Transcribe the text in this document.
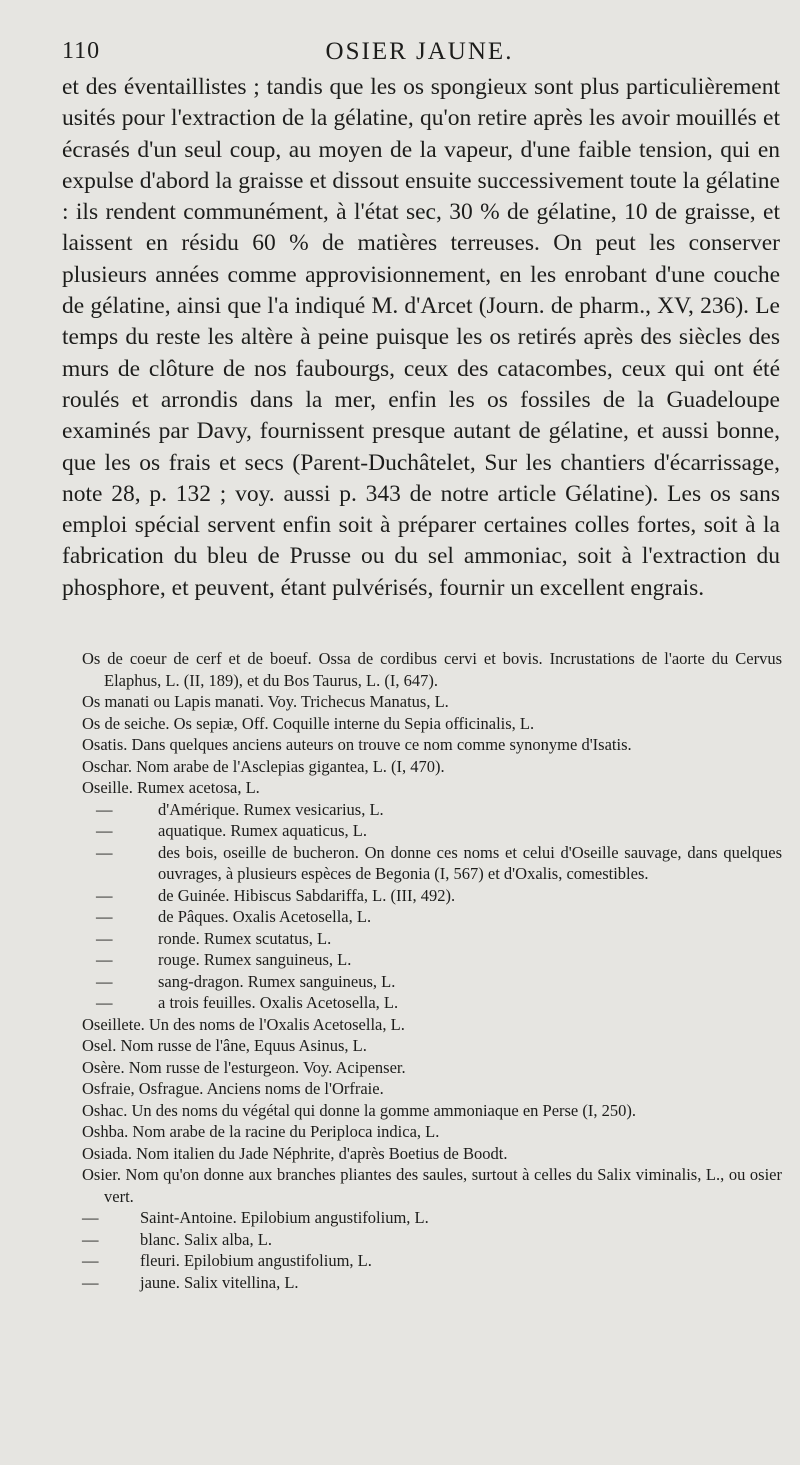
110	OSIER JAUNE.

et des éventaillistes ; tandis que les os spongieux sont plus particulièrement usités pour l'extraction de la gélatine, qu'on retire après les avoir mouillés et écrasés d'un seul coup, au moyen de la vapeur, d'une faible tension, qui en expulse d'abord la graisse et dissout ensuite successivement toute la gélatine : ils rendent communément, à l'état sec, 30 % de gélatine, 10 de graisse, et laissent en résidu 60 % de matières terreuses. On peut les conserver plusieurs années comme approvisionnement, en les enrobant d'une couche de gélatine, ainsi que l'a indiqué M. d'Arcet (Journ. de pharm., XV, 236). Le temps du reste les altère à peine puisque les os retirés après des siècles des murs de clôture de nos faubourgs, ceux des catacombes, ceux qui ont été roulés et arrondis dans la mer, enfin les os fossiles de la Guadeloupe examinés par Davy, fournissent presque autant de gélatine, et aussi bonne, que les os frais et secs (Parent-Duchâtelet, Sur les chantiers d'écarrissage, note 28, p. 132 ; voy. aussi p. 343 de notre article Gélatine). Les os sans emploi spécial servent enfin soit à préparer certaines colles fortes, soit à la fabrication du bleu de Prusse ou du sel ammoniac, soit à l'extraction du phosphore, et peuvent, étant pulvérisés, fournir un excellent engrais.

Os de coeur de cerf et de boeuf. Ossa de cordibus cervi et bovis. Incrustations de l'aorte du Cervus Elaphus, L. (II, 189), et du Bos Taurus, L. (I, 647).

Os manati ou Lapis manati. Voy. Trichecus Manatus, L.

Os de seiche. Os sepiæ, Off. Coquille interne du Sepia officinalis, L.

Osatis. Dans quelques anciens auteurs on trouve ce nom comme synonyme d'Isatis.

Oschar. Nom arabe de l'Asclepias gigantea, L. (I, 470).

Oseille. Rumex acetosa, L.

—	d'Amérique. Rumex vesicarius, L.
—	aquatique. Rumex aquaticus, L.
—	des bois, oseille de bucheron. On donne ces noms et celui d'Oseille sauvage, dans quelques ouvrages, à plusieurs espèces de Begonia (I, 567) et d'Oxalis, comestibles.
—	de Guinée. Hibiscus Sabdariffa, L. (III, 492).
—	de Pâques. Oxalis Acetosella, L.
—	ronde. Rumex scutatus, L.
—	rouge. Rumex sanguineus, L.
—	sang-dragon. Rumex sanguineus, L.
—	a trois feuilles. Oxalis Acetosella, L.

Oseillete. Un des noms de l'Oxalis Acetosella, L.

Osel. Nom russe de l'âne, Equus Asinus, L.

Osère. Nom russe de l'esturgeon. Voy. Acipenser.

Osfraie, Osfrague. Anciens noms de l'Orfraie.

Oshac. Un des noms du végétal qui donne la gomme ammoniaque en Perse (I, 250).

Oshba. Nom arabe de la racine du Periploca indica, L.

Osiada. Nom italien du Jade Néphrite, d'après Boetius de Boodt.

Osier. Nom qu'on donne aux branches pliantes des saules, surtout à celles du Salix viminalis, L., ou osier vert.

—	Saint-Antoine. Epilobium angustifolium, L.
—	blanc. Salix alba, L.
—	fleuri. Epilobium angustifolium, L.
—	jaune. Salix vitellina, L.
